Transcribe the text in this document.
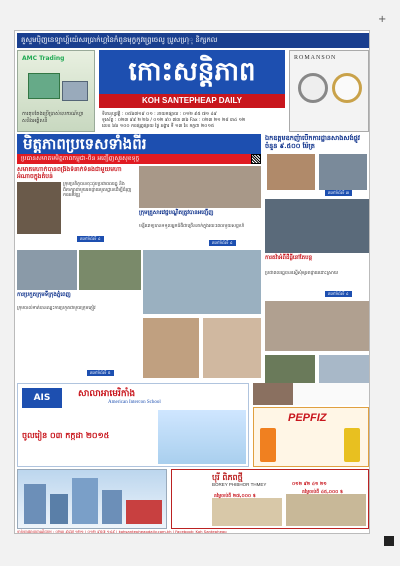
+
គួសួមប៉ិញនេទ្បាហ្គ៍យ៉េសរប្រាក់ហ្គនៃកំពូនមុក្ខកូវព្ទ្រេចេលូ ប្រូសហុ្រុ និក្សកល
AMC Trading
ការតុបតែងប្រើប្រាស់ឧបករណ៍ហ្គាសនិងអគ្គិសនី
កោះសន្តិភាព
KOH SANTEPHEAP DAILY
ទិនានុប្បវត្តិ : ០៥៦៧១៩ ០១ : នាយកផ្សាយ : ០១២ ៩៥ ៧១ ៤៩
ទូរស័ព្ទ : ០២៣ ៩៩ ២ ២៦ / ០១២ ៩០ ៧៣ ៣៦ Fax : ០២៣ ២១ ២៨ ៣៤ ១២
លេខ ៦៦ ១០០ ការផ្សព្វផ្សាយ ថ្ងៃ អង្គារ ទី ១៣ ខែ កក្កដា ២០១៥
ROMANSON
មិត្តភាពប្រទេសទាំងពីរ
ប្រធានសមាគមមិត្តភាពកម្ពុជា-ចិន អញ្ជើញសួរសុខទុក្ខ
ឯកឧត្តមឧកញ៉ាបើកការដ្ឋានសាងសង់ផ្លូវចំនួន ៩.៥០០ ម៉ែត្រ
តទៅទំព័រទី ៣
សមាគមហាក់បានពង្រឹងទំនាក់ទំនងជាមួយមហាអំណាចក្នុងតំបន់
ក្រុមប្រតិភូបានចុះជួបប្រជាពលរដ្ឋ និងពិភាក្សាជាមួយអាជ្ញាធរមូលដ្ឋានដើម្បីជំរុញការអភិវឌ្ឍ
តទៅទំព័រទី ៤
ក្រុមគ្រួសារវេជ្ជបណ្ឌិតត្រូវបានអញ្ជើញ
មន្ទីរពេទ្យបានទទួលអ្នកជំងឺជាច្រើននាក់ក្នុងរយៈពេលមួយសប្តាហ៍
តទៅទំព័រទី ៤
ការតវ៉ាអំពីដីធ្លីនៅតែបន្ត
ប្រជាពលរដ្ឋបានស្នើសុំឲ្យអាជ្ញាធរដោះស្រាយ
តទៅទំព័រទី ៤
ការប្រកួតក្រុមទីក្រុងភ្នំពេញ
ក្រុមបាល់ទាត់បានឈ្នះការប្រកួតជាមួយក្រុមភ្ញៀវ
តទៅទំព័រទី ៥
AIS	សាលាអាមេរិកាំង
American Intercon School
ចូលរៀន ០៣ កក្កដា ២០១៥
PEPFIZ
បុរី ពិភពថ្មី
BOREY PHIBHOR THMEY	០១២ ៩២ ៤១ ២១
តម្លៃចាប់ពី ២៧,០០០ $
តម្លៃចាប់ពី ៤៥,០០០ $
ទាក់ទងផ្សាយពាណិជ្ជកម្ម : ០២៣ ៩៨៧ ១២១ | ០១២ ៩៥៧ ១៤៩ | kohsantepheapdaily.com.kh | Facebook: Koh Santepheap
